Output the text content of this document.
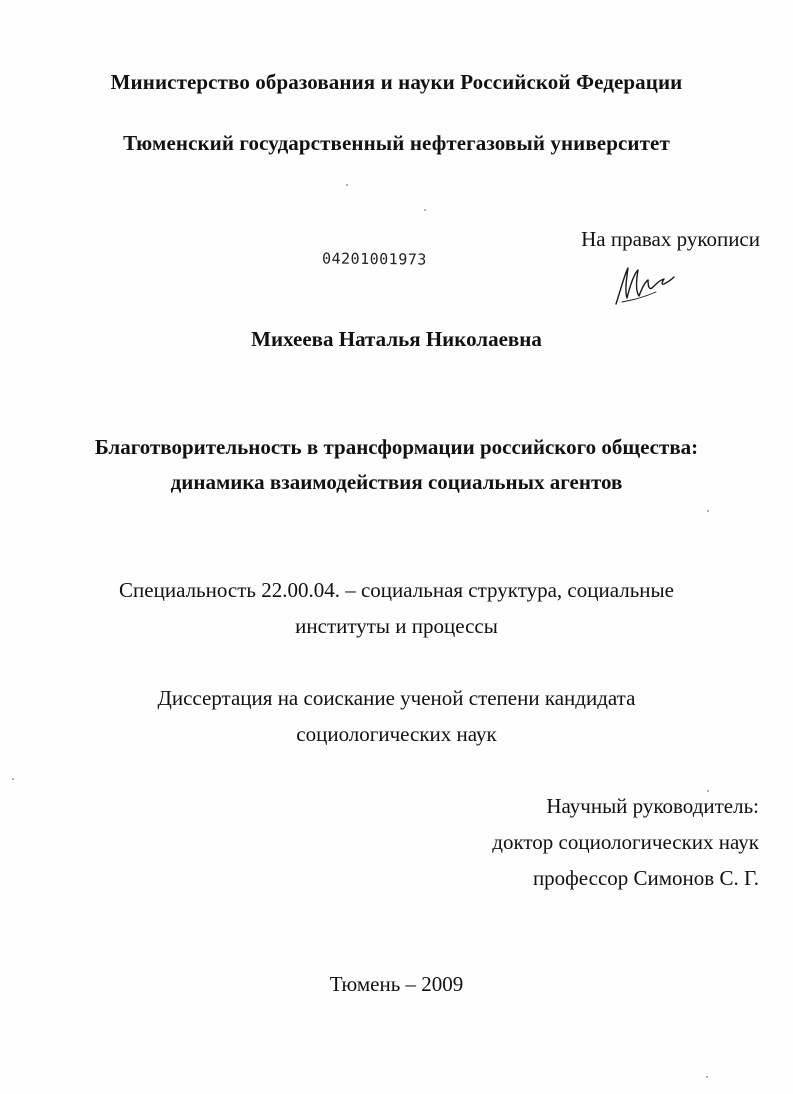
Министерство образования и науки Российской Федерации
Тюменский государственный нефтегазовый университет
На правах рукописи
04201001973
Михеева Наталья Николаевна
Благотворительность в трансформации российского общества:
динамика взаимодействия социальных агентов
Специальность 22.00.04. – социальная структура, социальные
институты и процессы
Диссертация на соискание ученой степени кандидата
социологических наук
Научный руководитель:
доктор социологических наук
профессор Симонов С. Г.
Тюмень – 2009
